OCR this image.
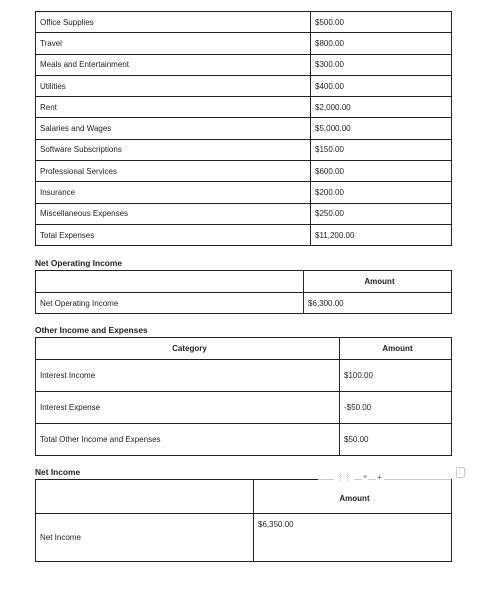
Office Supplies	$500.00
Travel	$800.00
Meals and Entertainment	$300.00
Utilities	$400.00
Rent	$2,000.00
Salaries and Wages	$5,000.00
Software Subscriptions	$150.00
Professional Services	$600.00
Insurance	$200.00
Miscellaneous Expenses	$250.00
Total Expenses	$11,200.00
Net Operating Income
	Amount
Net Operating Income	$6,300.00
Other Income and Expenses
Category	Amount
Interest Income	$100.00
Interest Expense	-$50.00
Total Other Income and Expenses	$50.00
Net Income
	Amount
Net Income	$6,350.00
⋮⋮	≡ +
⋮⋮
